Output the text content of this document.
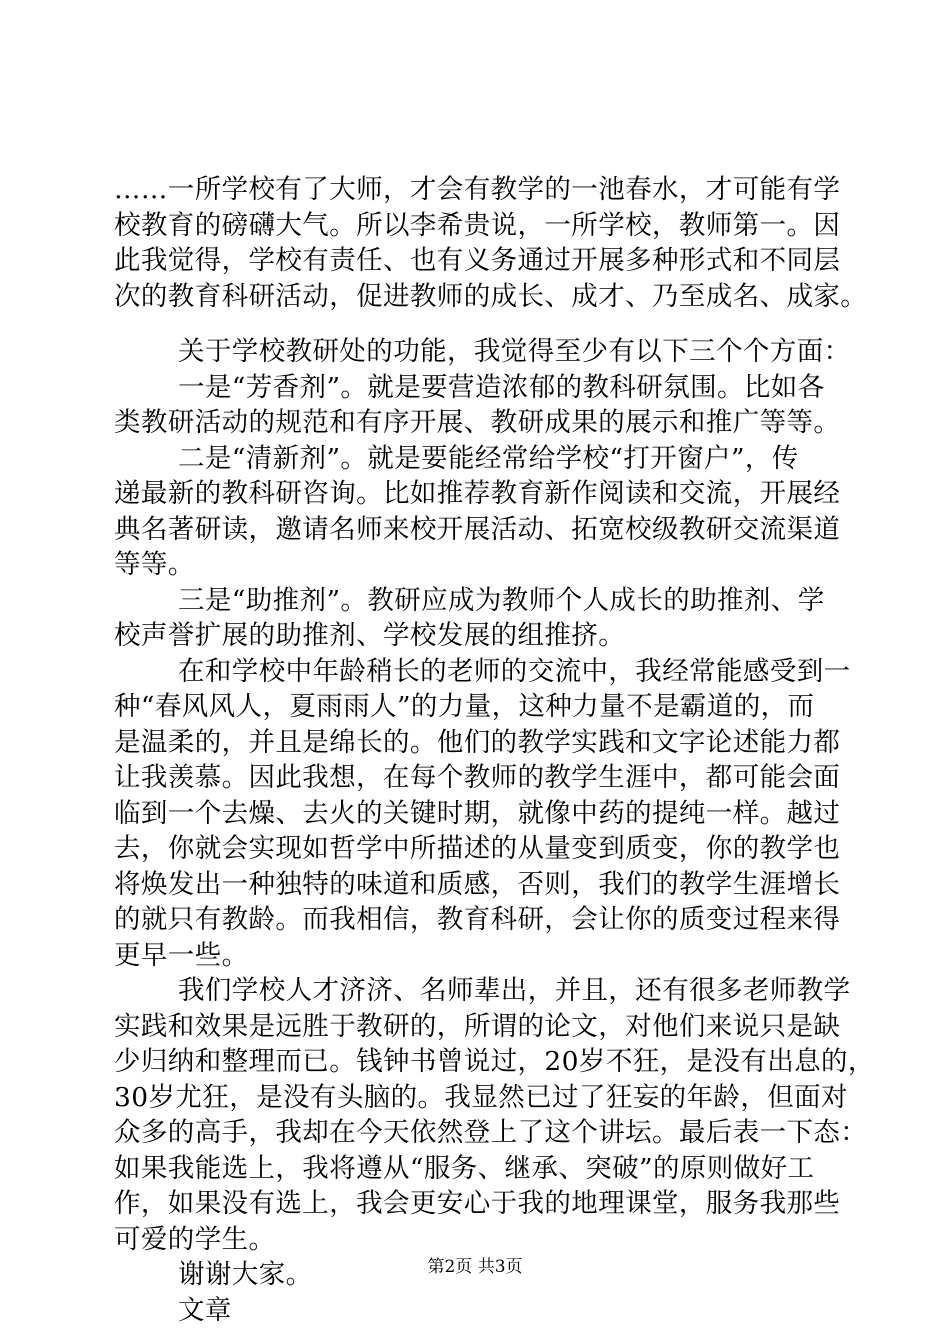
……一所学校有了大师，才会有教学的一池春水，才可能有学
校教育的磅礴大气。所以李希贵说，一所学校，教师第一。因
此我觉得，学校有责任、也有义务通过开展多种形式和不同层
次的教育科研活动，促进教师的成长、成才、乃至成名、成家。
关于学校教研处的功能，我觉得至少有以下三个个方面：
一是“芳香剂”。就是要营造浓郁的教科研氛围。比如各
类教研活动的规范和有序开展、教研成果的展示和推广等等。
二是“清新剂”。就是要能经常给学校“打开窗户”，传
递最新的教科研咨询。比如推荐教育新作阅读和交流，开展经
典名著研读，邀请名师来校开展活动、拓宽校级教研交流渠道
等等。
三是“助推剂”。教研应成为教师个人成长的助推剂、学
校声誉扩展的助推剂、学校发展的组推挤。
在和学校中年龄稍长的老师的交流中，我经常能感受到一
种“春风风人，夏雨雨人”的力量，这种力量不是霸道的，而
是温柔的，并且是绵长的。他们的教学实践和文字论述能力都
让我羡慕。因此我想，在每个教师的教学生涯中，都可能会面
临到一个去燥、去火的关键时期，就像中药的提纯一样。越过
去，你就会实现如哲学中所描述的从量变到质变，你的教学也
将焕发出一种独特的味道和质感，否则，我们的教学生涯增长
的就只有教龄。而我相信，教育科研，会让你的质变过程来得
更早一些。
我们学校人才济济、名师辈出，并且，还有很多老师教学
实践和效果是远胜于教研的，所谓的论文，对他们来说只是缺
少归纳和整理而已。钱钟书曾说过，20岁不狂，是没有出息的，
30岁尤狂，是没有头脑的。我显然已过了狂妄的年龄，但面对
众多的高手，我却在今天依然登上了这个讲坛。最后表一下态：
如果我能选上，我将遵从“服务、继承、突破”的原则做好工
作，如果没有选上，我会更安心于我的地理课堂，服务我那些
可爱的学生。
谢谢大家。
文章
第2页 共3页
